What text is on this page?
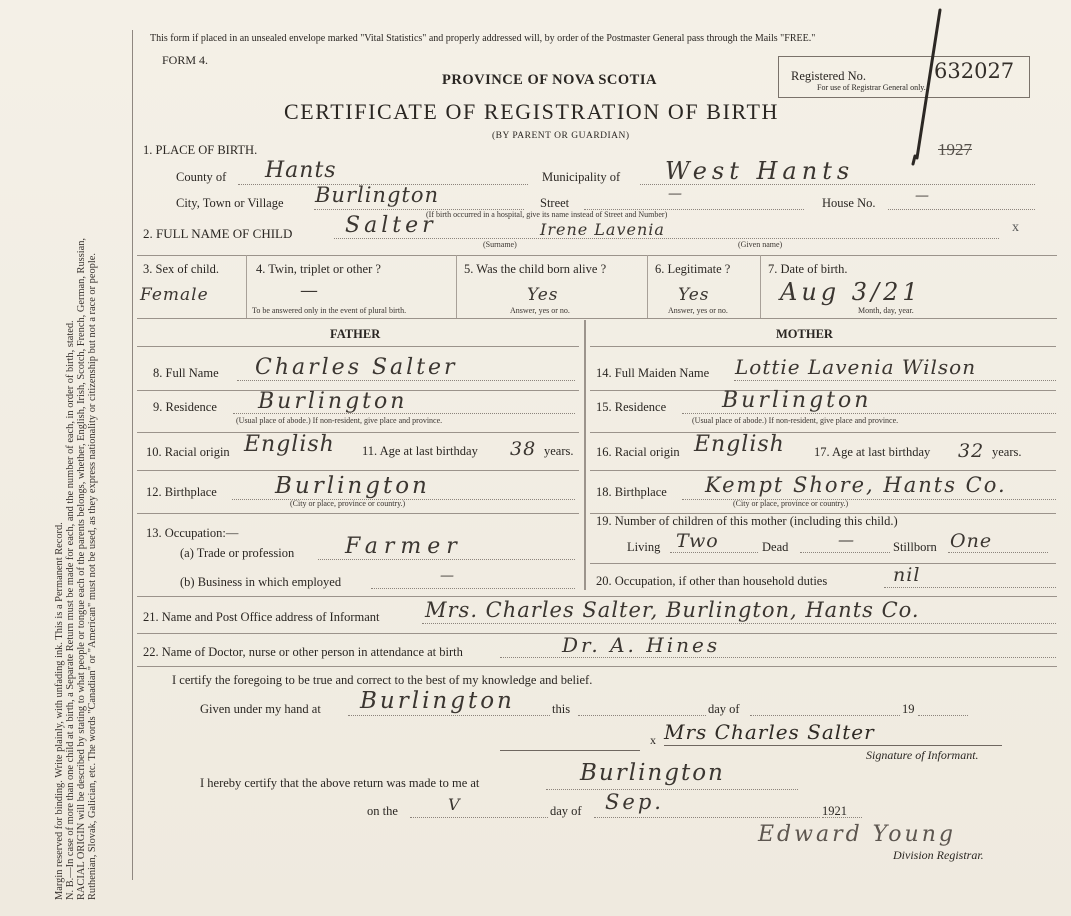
Margin reserved for binding. Write plainly, with unfading ink. This is a Permanent Record. N. B.—In case of more than one child at a birth, a Separate Return must be made for each, and the number of each, in order of birth, stated. RACIAL ORIGIN will be described by stating to what people or tongue each of the parents belongs, whether, English, Irish, Scotch, French, German, Russian, Ruthenian, Slovak, Galician, etc. The words "Canadian" or "American" must not be used, as they express nationality or citizenship but not a race or people.
This form if placed in an unsealed envelope marked "Vital Statistics" and properly addressed will, by order of the Postmaster General pass through the Mails "FREE."
FORM 4.
PROVINCE OF NOVA SCOTIA
CERTIFICATE OF REGISTRATION OF BIRTH
(BY PARENT OR GUARDIAN)
Registered No.
For use of Registrar General only.
632027
1927
1. PLACE OF BIRTH.
County of Hants	Municipality of West Hants
City, Town or Village Burlington	Street
—
(If birth occurred in a hospital, give its name instead of Street and Number)
House No.	—
2. FULL NAME OF CHILD Salter
(Surname)
Irene Lavenia
(Given name)
x
3. Sex of child.
Female
4. Twin, triplet or other ?
—
To be answered only in the event of plural birth.
5. Was the child born alive ?
Yes
Answer, yes or no.
6. Legitimate ?
Yes
Answer, yes or no.
7. Date of birth.
Aug 3/21
Month, day, year.
FATHER	MOTHER
8. Full Name Charles Salter
9. Residence Burlington
(Usual place of abode.) If non-resident, give place and province.
10. Racial origin English 11. Age at last birthday 38 years.
12. Birthplace	Burlington
(City or place, province or country.)
13. Occupation:—
(a) Trade or profession Farmer
(b) Business in which employed	—
14. Full Maiden Name Lottie Lavenia Wilson
15. Residence	Burlington
(Usual place of abode.) If non-resident, give place and province.
16. Racial origin English 17. Age at last birthday 32 years.
18. Birthplace Kempt Shore, Hants Co.
(City or place, province or country.)
19. Number of children of this mother (including this child.)
Living Two	Dead	—	Stillborn One
20. Occupation, if other than household duties	nil
21. Name and Post Office address of Informant Mrs. Charles Salter, Burlington, Hants Co.
22. Name of Doctor, nurse or other person in attendance at birth	Dr. A. Hines
I certify the foregoing to be true and correct to the best of my knowledge and belief.
Given under my hand at Burlington	this	day of	19
x Mrs Charles Salter
Signature of Informant.
I hereby certify that the above return was made to me at	Burlington
on the	V	day of Sep.	1921
Edward Young
Division Registrar.
